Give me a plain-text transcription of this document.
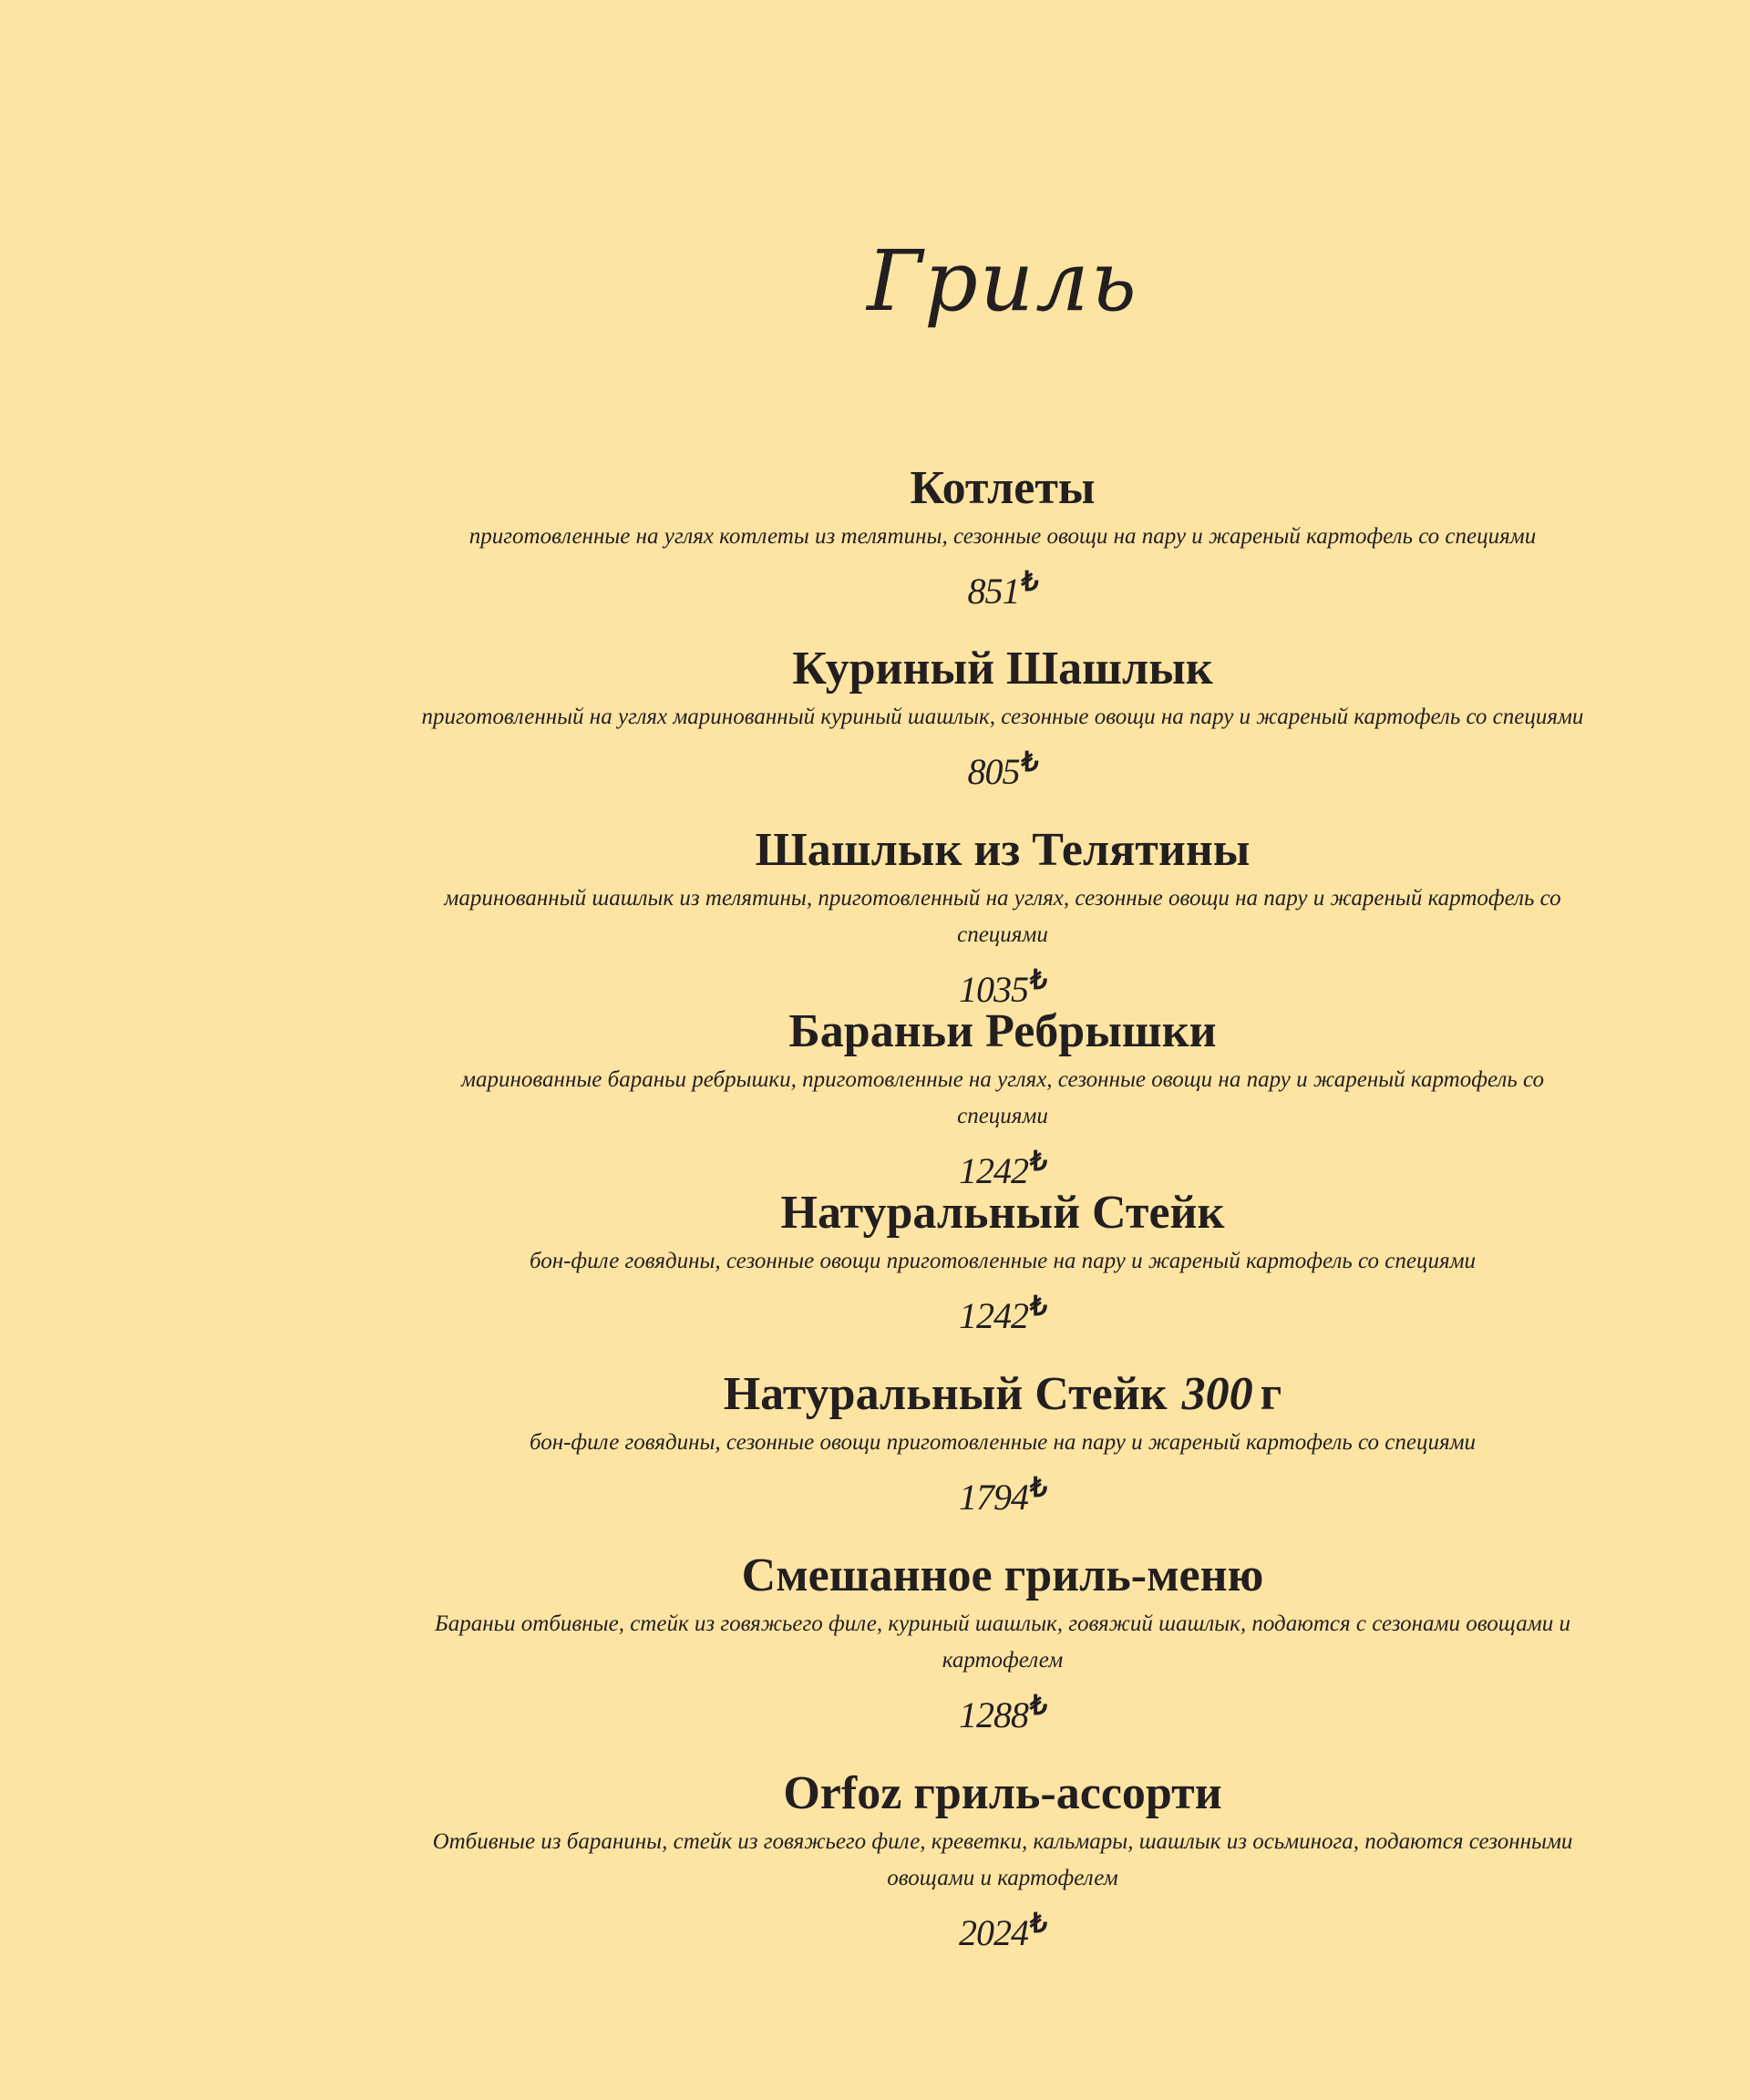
Гриль
Котлеты
приготовленные на углях котлеты из телятины, сезонные овощи на пару и жареный картофель со специями
851₺
Куриный Шашлык
приготовленный на углях маринованный куриный шашлык, сезонные овощи на пару и жареный картофель со специями
805₺
Шашлык из Телятины
маринованный шашлык из телятины, приготовленный на углях, сезонные овощи на пару и жареный картофель со специями
1035₺
Бараньи Ребрышки
маринованные бараньи ребрышки, приготовленные на углях, сезонные овощи на пару и жареный картофель со специями
1242₺
Натуральный Стейк
бон-филе говядины, сезонные овощи приготовленные на пару и жареный картофель со специями
1242₺
Натуральный Стейк 300 г
бон-филе говядины, сезонные овощи приготовленные на пару и жареный картофель со специями
1794₺
Смешанное гриль-меню
Бараньи отбивные, стейк из говяжьего филе, куриный шашлык, говяжий шашлык, подаются с сезонами овощами и картофелем
1288₺
Orfoz гриль-ассорти
Отбивные из баранины, стейк из говяжьего филе, креветки, кальмары, шашлык из осьминога, подаются сезонными овощами и картофелем
2024₺
